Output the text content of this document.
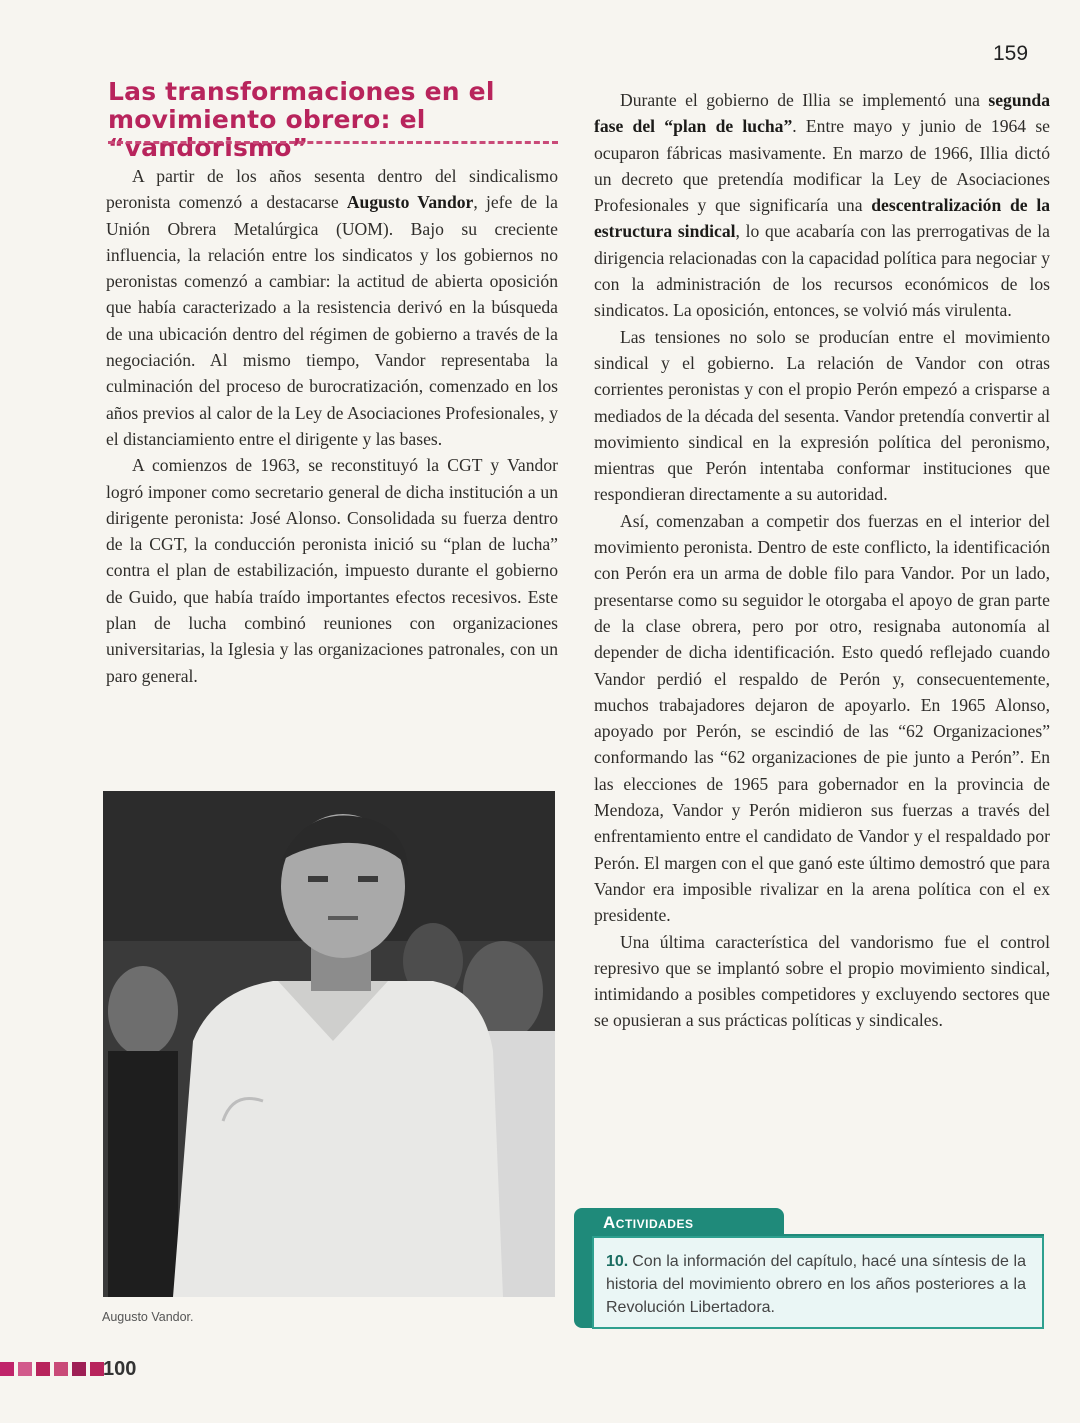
159
Las transformaciones en el movimiento obrero: el “vandorismo”

A partir de los años sesenta dentro del sindicalismo peronista comenzó a destacarse Augusto Vandor, jefe de la Unión Obrera Metalúrgica (UOM). Bajo su creciente influencia, la relación entre los sindicatos y los gobiernos no peronistas comenzó a cambiar: la actitud de abierta oposición que había caracterizado a la resistencia derivó en la búsqueda de una ubicación dentro del régimen de gobierno a través de la negociación. Al mismo tiempo, Vandor representaba la culminación del proceso de burocratización, comenzado en los años previos al calor de la Ley de Asociaciones Profesionales, y el distanciamiento entre el dirigente y las bases.

A comienzos de 1963, se reconstituyó la CGT y Vandor logró imponer como secretario general de dicha institución a un dirigente peronista: José Alonso. Consolidada su fuerza dentro de la CGT, la conducción peronista inició su “plan de lucha” contra el plan de estabilización, impuesto durante el gobierno de Guido, que había traído importantes efectos recesivos. Este plan de lucha combinó reuniones con organizaciones universitarias, la Iglesia y las organizaciones patronales, con un paro general.

Augusto Vandor.

Durante el gobierno de Illia se implementó una segunda fase del “plan de lucha”. Entre mayo y junio de 1964 se ocuparon fábricas masivamente. En marzo de 1966, Illia dictó un decreto que pretendía modificar la Ley de Asociaciones Profesionales y que significaría una descentralización de la estructura sindical, lo que acabaría con las prerrogativas de la dirigencia relacionadas con la capacidad política para negociar y con la administración de los recursos económicos de los sindicatos. La oposición, entonces, se volvió más virulenta.

Las tensiones no solo se producían entre el movimiento sindical y el gobierno. La relación de Vandor con otras corrientes peronistas y con el propio Perón empezó a crisparse a mediados de la década del sesenta. Vandor pretendía convertir al movimiento sindical en la expresión política del peronismo, mientras que Perón intentaba conformar instituciones que respondieran directamente a su autoridad.

Así, comenzaban a competir dos fuerzas en el interior del movimiento peronista. Dentro de este conflicto, la identificación con Perón era un arma de doble filo para Vandor. Por un lado, presentarse como su seguidor le otorgaba el apoyo de gran parte de la clase obrera, pero por otro, resignaba autonomía al depender de dicha identificación. Esto quedó reflejado cuando Vandor perdió el respaldo de Perón y, consecuentemente, muchos trabajadores dejaron de apoyarlo. En 1965 Alonso, apoyado por Perón, se escindió de las “62 Organizaciones” conformando las “62 organizaciones de pie junto a Perón”. En las elecciones de 1965 para gobernador en la provincia de Mendoza, Vandor y Perón midieron sus fuerzas a través del enfrentamiento entre el candidato de Vandor y el respaldado por Perón. El margen con el que ganó este último demostró que para Vandor era imposible rivalizar en la arena política con el ex presidente.

Una última característica del vandorismo fue el control represivo que se implantó sobre el propio movimiento sindical, intimidando a posibles competidores y excluyendo sectores que se opusieran a sus prácticas políticas y sindicales.

Actividades
10. Con la información del capítulo, hacé una síntesis de la historia del movimiento obrero en los años posteriores a la Revolución Libertadora.
100
